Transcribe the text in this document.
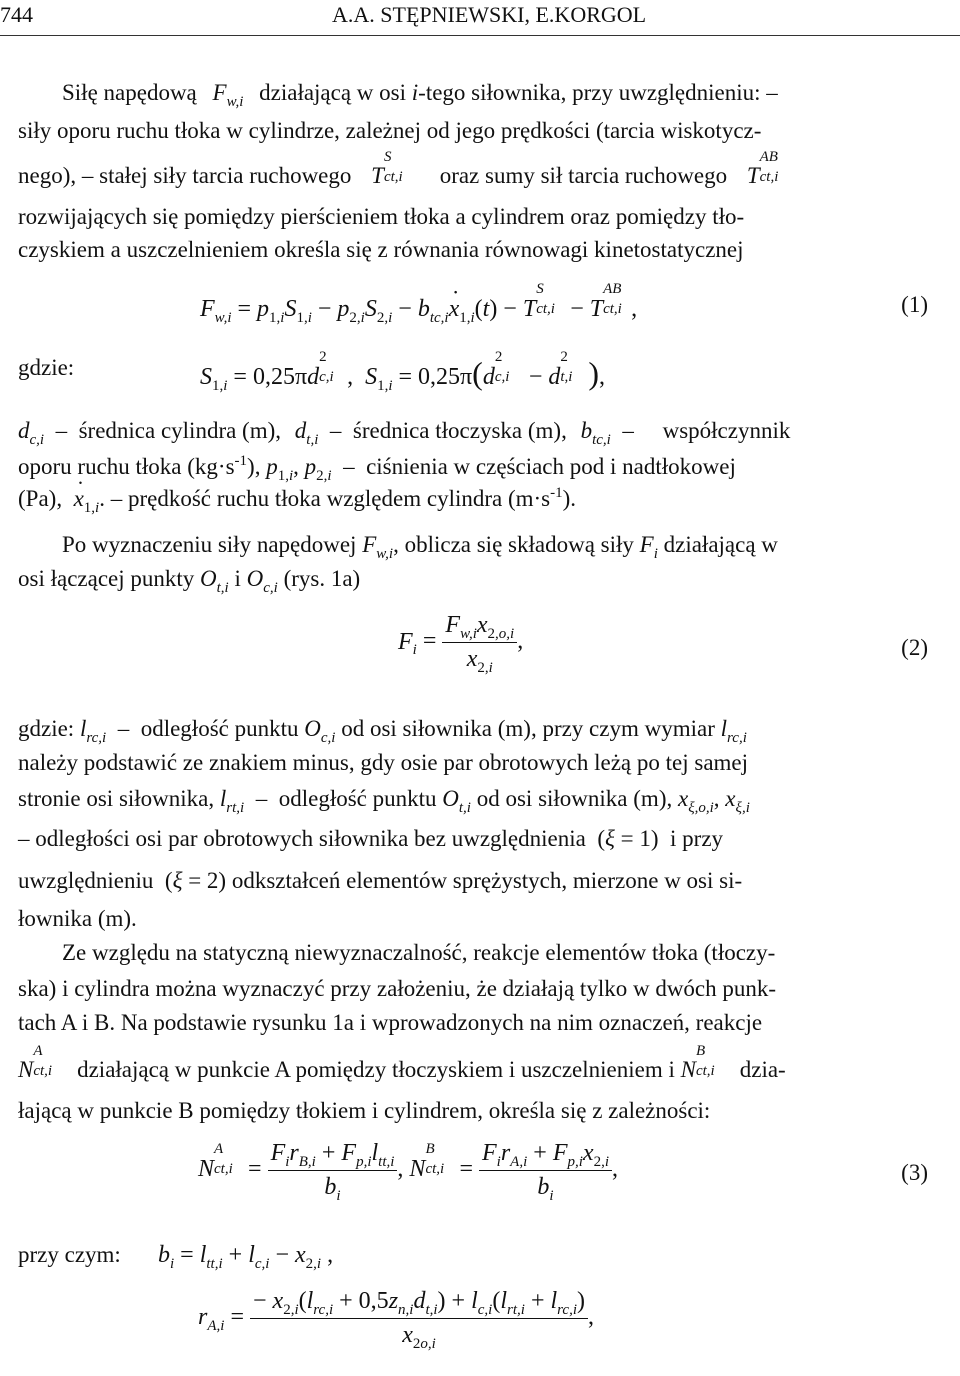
744	A.A. STĘPNIEWSKI, E.KORGOL
Siłę napędową $F_{w,i}$ działającą w osi i-tego siłownika, przy uwzględnieniu: –
siły oporu ruchu tłoka w cylindrze, zależnej od jego prędkości (tarcia wiskotycz-
nego), – stałej siły tarcia ruchowego T
S
ct,i oraz sumy sił tarcia ruchowego T
AB
ct,i
rozwijających się pomiędzy pierścieniem tłoka a cylindrem oraz pomiędzy tło-
czyskiem a uszczelnieniem określa się z równania równowagi kinetostatycznej
$F_{w,i} = p_{1,i}S_{1,i} - p_{2,i}S_{2,i} - b_{tc,i}x$ $˙_{1,i}(t) - T$
S
ct,i − T
AB
ct,i ,	(1)
gdzie:	$S_{1,i} = 0,25\pi d$
2
c,i ,  $S_{1,i} = 0,25\pi(d$
2
c,i − d
2
t,i ),
$d_{c,i}$  –  średnica cylindra (m), $d_{t,i}$  –  średnica tłoczyska (m), $b_{tc,i}$  –     współczynnik
oporu ruchu tłoka $(kg\cdot s^{-1})$, $p_{1,i}$, $p_{2,i}$  –  ciśnienia w częściach pod i nadtłokowej
(Pa), x $˙_{1,i}$. – prędkość ruchu tłoka względem cylindra $(m\cdot s^{-1})$.
Po wyznaczeniu siły napędowej $F_{w,i}$, oblicza się składową siły $F_i$ działającą w
osi łączącej punkty $O_{t,i}$ i $O_{c,i}$ (rys. 1a)
$F_i = \frac{F_{w,i}x_{2,o,i}}{x_{2,i}}$ ,	(2)
gdzie: $l_{rc,i}$  –  odległość punktu $O_{c,i}$ od osi siłownika (m), przy czym wymiar $l_{rc,i}$
należy podstawić ze znakiem minus, gdy osie par obrotowych leżą po tej samej
stronie osi siłownika, $l_{rt,i}$  –  odległość punktu $O_{t,i}$ od osi siłownika (m), $x_{\xi,o,i}$, $x_{\xi,i}$
– odległości osi par obrotowych siłownika bez uwzględnienia  (ξ = 1)  i przy
uwzględnieniu  (ξ = 2) odkształceń elementów sprężystych, mierzone w osi si-
łownika (m).
Ze względu na statyczną niewyznaczalność, reakcje elementów tłoka (tłoczy-
ska) i cylindra można wyznaczyć przy założeniu, że działają tylko w dwóch punk-
tach A i B. Na podstawie rysunku 1a i wprowadzonych na nim oznaczeń, reakcje
N
A
ct,i działającą w punkcie A pomiędzy tłoczyskiem i uszczelnieniem i N
B
ct,i dzia-
łającą w punkcie B pomiędzy tłokiem i cylindrem, określa się z zależności:
N
A
$ct,i = \frac{F_ir_{B,i} + F_{p,i}l_{tt,i}}{b_i}$ , N
B
$ct,i = \frac{F_ir_{A,i} + F_{p,i}x_{2,i}}{b_i}$ ,	(3)
przy czym: $b_i = l_{tt,i} + l_{c,i} - x_{2,i}$ ,
$r_{A,i} = \frac{- x_{2,i}(l_{rc,i} + 0,5z_{n,i}d_{t,i}) + l_{c,i}(l_{rt,i} + l_{rc,i})}{x_{2o,i}}$ ,
